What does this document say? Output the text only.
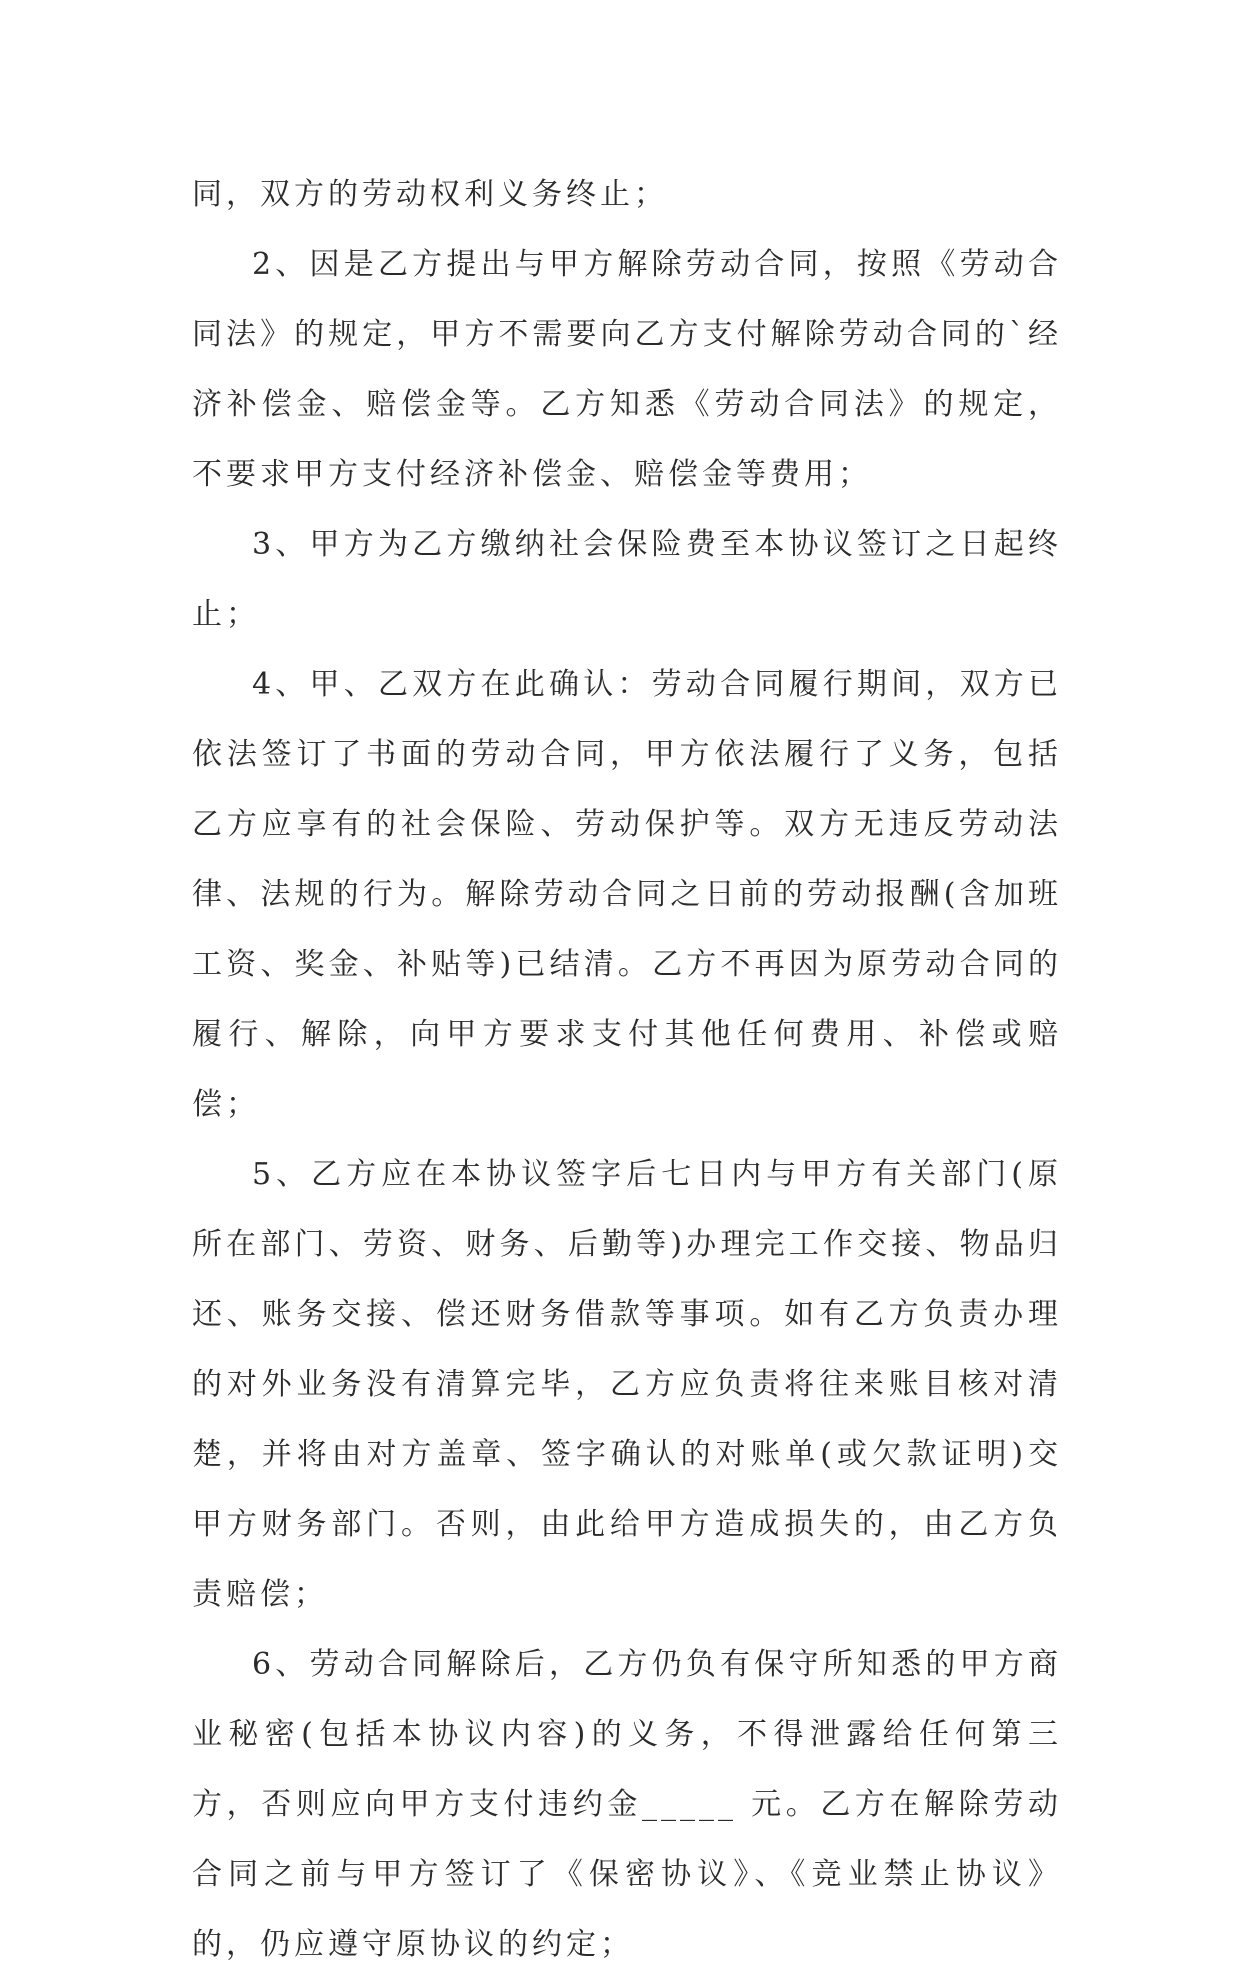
同，双方的劳动权利义务终止；

2、因是乙方提出与甲方解除劳动合同，按照《劳动合同法》的规定，甲方不需要向乙方支付解除劳动合同的`经济补偿金、赔偿金等。乙方知悉《劳动合同法》的规定，不要求甲方支付经济补偿金、赔偿金等费用；

3、甲方为乙方缴纳社会保险费至本协议签订之日起终止；

4、甲、乙双方在此确认：劳动合同履行期间，双方已依法签订了书面的劳动合同，甲方依法履行了义务，包括乙方应享有的社会保险、劳动保护等。双方无违反劳动法律、法规的行为。解除劳动合同之日前的劳动报酬(含加班工资、奖金、补贴等)已结清。乙方不再因为原劳动合同的履行、解除，向甲方要求支付其他任何费用、补偿或赔偿；

5、乙方应在本协议签字后七日内与甲方有关部门(原所在部门、劳资、财务、后勤等)办理完工作交接、物品归还、账务交接、偿还财务借款等事项。如有乙方负责办理的对外业务没有清算完毕，乙方应负责将往来账目核对清楚，并将由对方盖章、签字确认的对账单(或欠款证明)交甲方财务部门。否则，由此给甲方造成损失的，由乙方负责赔偿；

6、劳动合同解除后，乙方仍负有保守所知悉的甲方商业秘密(包括本协议内容)的义务，不得泄露给任何第三方，否则应向甲方支付违约金_____ 元。乙方在解除劳动合同之前与甲方签订了《保密协议》、《竞业禁止协议》的，仍应遵守原协议的约定；
